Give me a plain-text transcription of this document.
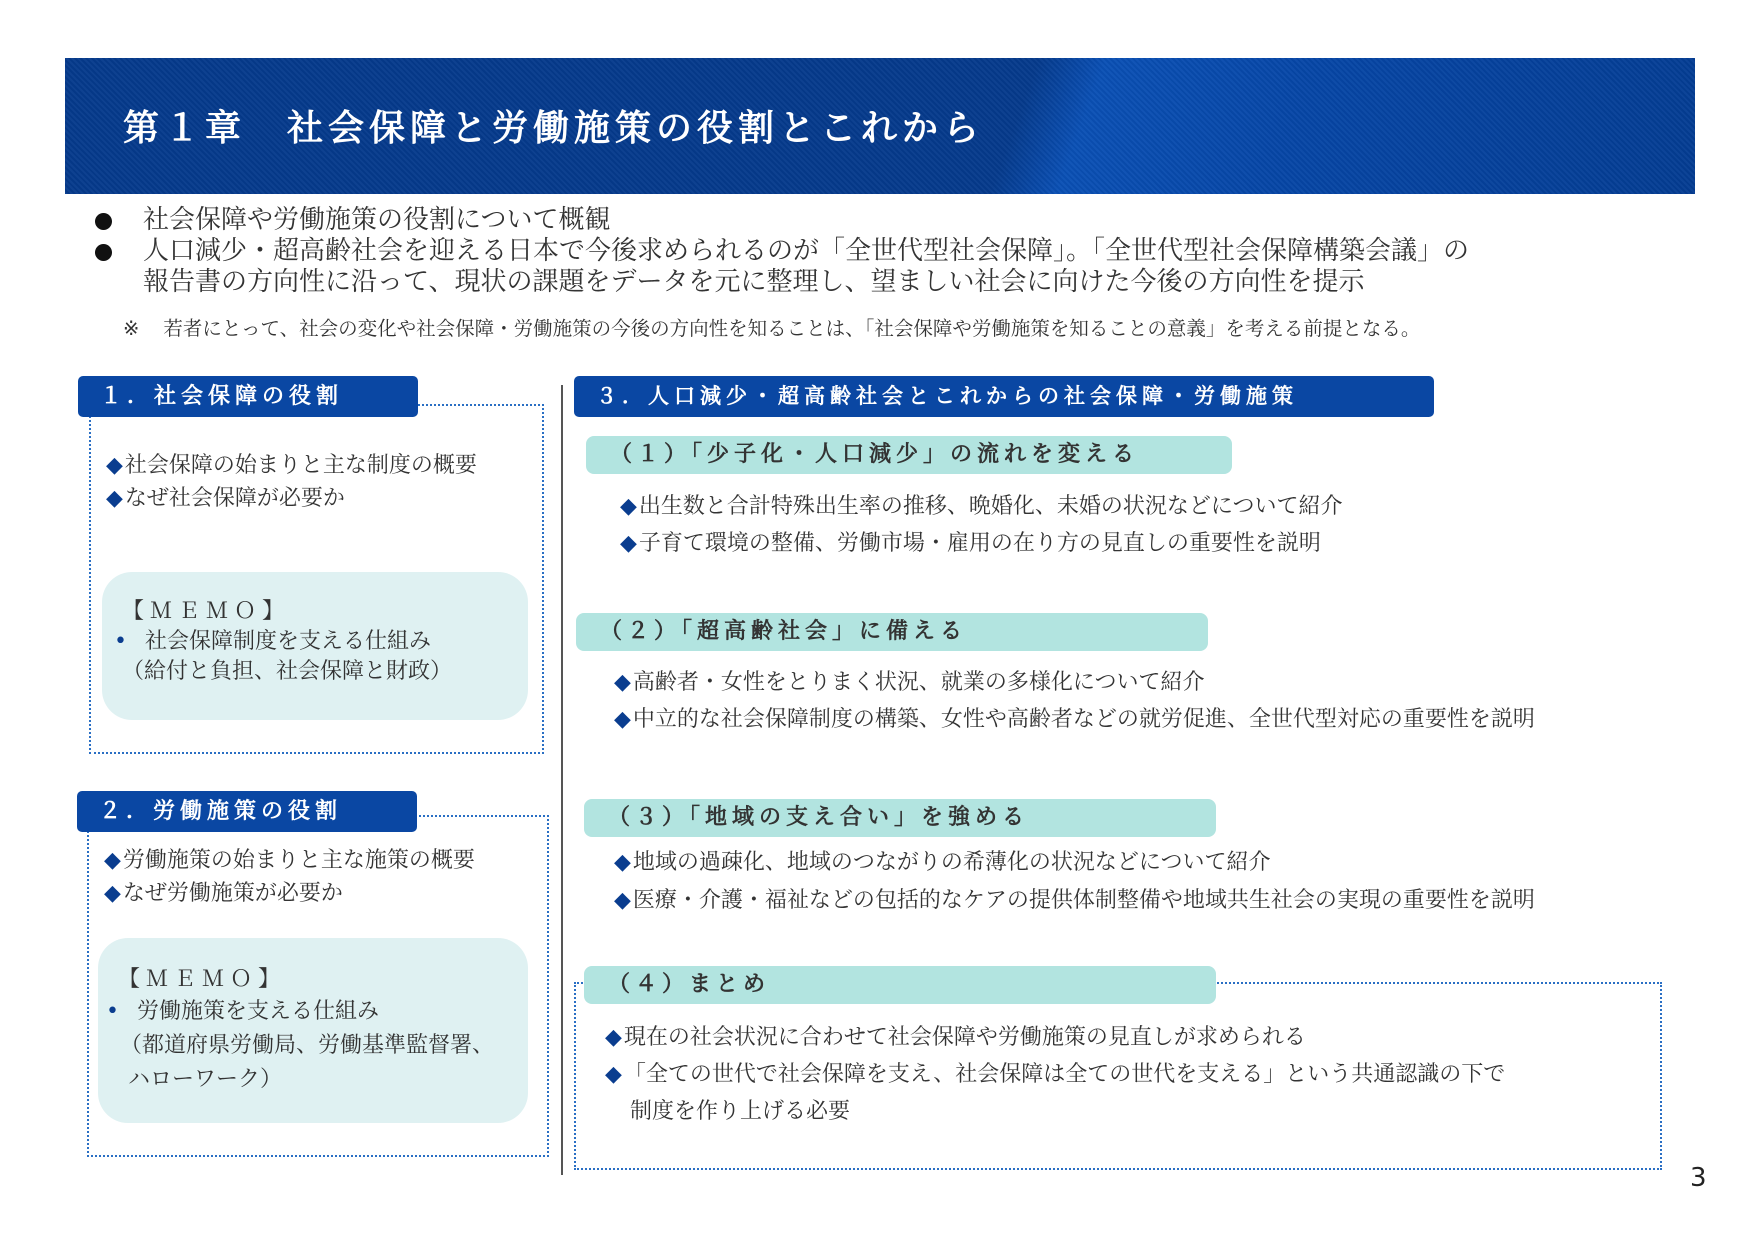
第１章　社会保障と労働施策の役割とこれから
社会保障や労働施策の役割について概観
人口減少・超高齢社会を迎える日本で今後求められるのが「全世代型社会保障」。「全世代型社会保障構築会議」の
報告書の方向性に沿って、現状の課題をデータを元に整理し、望ましい社会に向けた今後の方向性を提示
※ 若者にとって、社会の変化や社会保障・労働施策の今後の方向性を知ることは、「社会保障や労働施策を知ることの意義」を考える前提となる。
１．社会保障の役割
◆社会保障の始まりと主な制度の概要
◆なぜ社会保障が必要か
【ＭＥＭＯ】
• 社会保障制度を支える仕組み
（給付と負担、社会保障と財政）
２．労働施策の役割
◆労働施策の始まりと主な施策の概要
◆なぜ労働施策が必要か
【ＭＥＭＯ】
• 労働施策を支える仕組み
（都道府県労働局、労働基準監督署、
ハローワーク）
３．人口減少・超高齢社会とこれからの社会保障・労働施策
（１）「少子化・人口減少」の流れを変える
◆出生数と合計特殊出生率の推移、晩婚化、未婚の状況などについて紹介
◆子育て環境の整備、労働市場・雇用の在り方の見直しの重要性を説明
（２）「超高齢社会」に備える
◆高齢者・女性をとりまく状況、就業の多様化について紹介
◆中立的な社会保障制度の構築、女性や高齢者などの就労促進、全世代型対応の重要性を説明
（３）「地域の支え合い」を強める
◆地域の過疎化、地域のつながりの希薄化の状況などについて紹介
◆医療・介護・福祉などの包括的なケアの提供体制整備や地域共生社会の実現の重要性を説明
（４）まとめ
◆現在の社会状況に合わせて社会保障や労働施策の見直しが求められる
◆「全ての世代で社会保障を支え、社会保障は全ての世代を支える」という共通認識の下で
制度を作り上げる必要
3
